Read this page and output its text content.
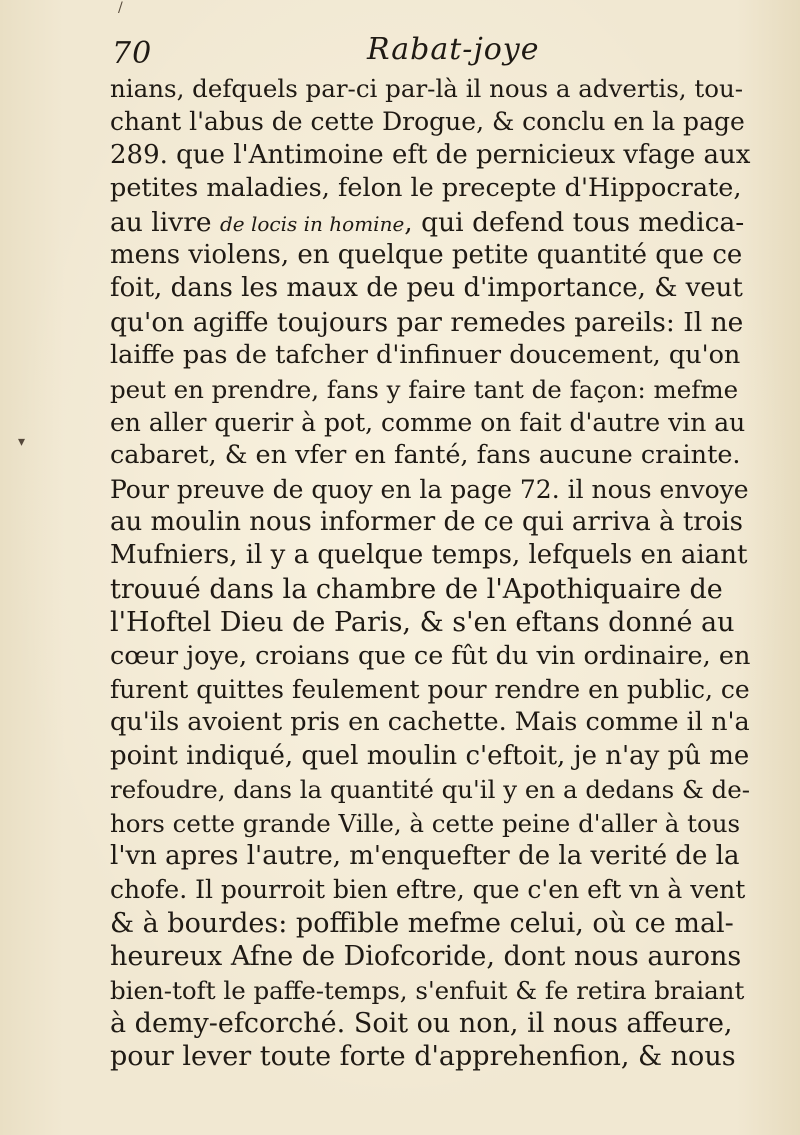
70	Rabat-joye
▾
/
nians, defquels par-ci par-là il nous a advertis, tou-
chant l'abus de cette Drogue, & conclu en la page
289. que l'Antimoine eft de pernicieux vfage aux
petites maladies, felon le precepte d'Hippocrate,
au livre de locis in homine, qui defend tous medica-
mens violens, en quelque petite quantité que ce
foit, dans les maux de peu d'importance, & veut
qu'on agiffe toujours par remedes pareils: Il ne
laiffe pas de tafcher d'infinuer doucement, qu'on
peut en prendre, fans y faire tant de façon: mefme
en aller querir à pot, comme on fait d'autre vin au
cabaret, & en vfer en fanté, fans aucune crainte.
Pour preuve de quoy en la page 72. il nous envoye
au moulin nous informer de ce qui arriva à trois
Mufniers, il y a quelque temps, lefquels en aiant
trouué dans la chambre de l'Apothiquaire de
l'Hoftel Dieu de Paris, & s'en eftans donné au
cœur joye, croians que ce fût du vin ordinaire, en
furent quittes feulement pour rendre en public, ce
qu'ils avoient pris en cachette. Mais comme il n'a
point indiqué, quel moulin c'eftoit, je n'ay pû me
refoudre, dans la quantité qu'il y en a dedans & de-
hors cette grande Ville, à cette peine d'aller à tous
l'vn apres l'autre, m'enquefter de la verité de la
chofe. Il pourroit bien eftre, que c'en eft vn à vent
& à bourdes: poffible mefme celui, où ce mal-
heureux Afne de Diofcoride, dont nous aurons
bien-toft le paffe-temps, s'enfuit & fe retira braiant
à demy-efcorché. Soit ou non, il nous affeure,
pour lever toute forte d'apprehenfion, & nous
